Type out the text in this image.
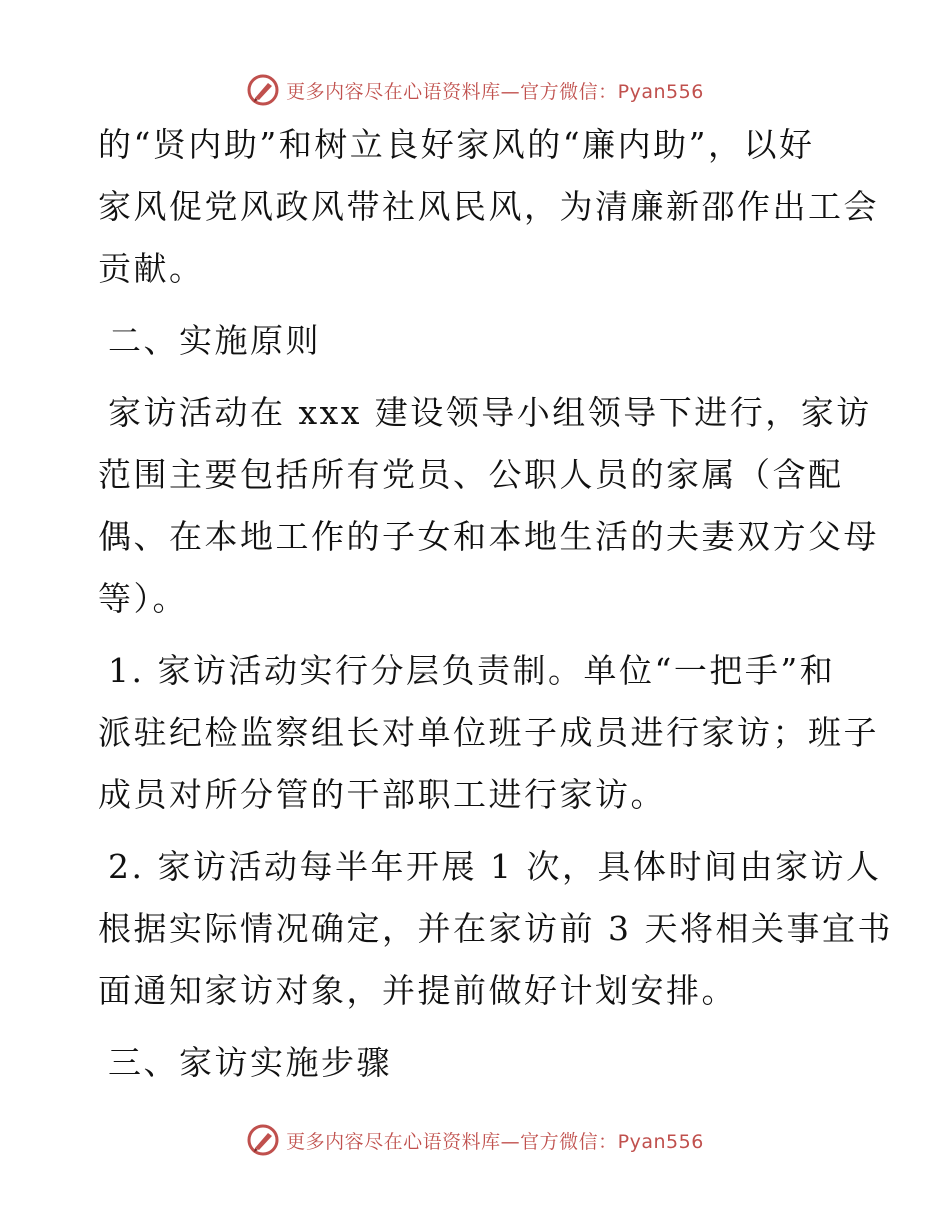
更多内容尽在心语资料库—官方微信：Pyan556

的“贤内助”和树立良好家风的“廉内助”，以好
家风促党风政风带社风民风，为清廉新邵作出工会
贡献。

二、实施原则

家访活动在 xxx 建设领导小组领导下进行，家访
范围主要包括所有党员、公职人员的家属（含配
偶、在本地工作的子女和本地生活的夫妻双方父母
等）。

1. 家访活动实行分层负责制。单位“一把手”和
派驻纪检监察组长对单位班子成员进行家访；班子
成员对所分管的干部职工进行家访。

2. 家访活动每半年开展 1 次，具体时间由家访人
根据实际情况确定，并在家访前 3 天将相关事宜书
面通知家访对象，并提前做好计划安排。

三、家访实施步骤

更多内容尽在心语资料库—官方微信：Pyan556
